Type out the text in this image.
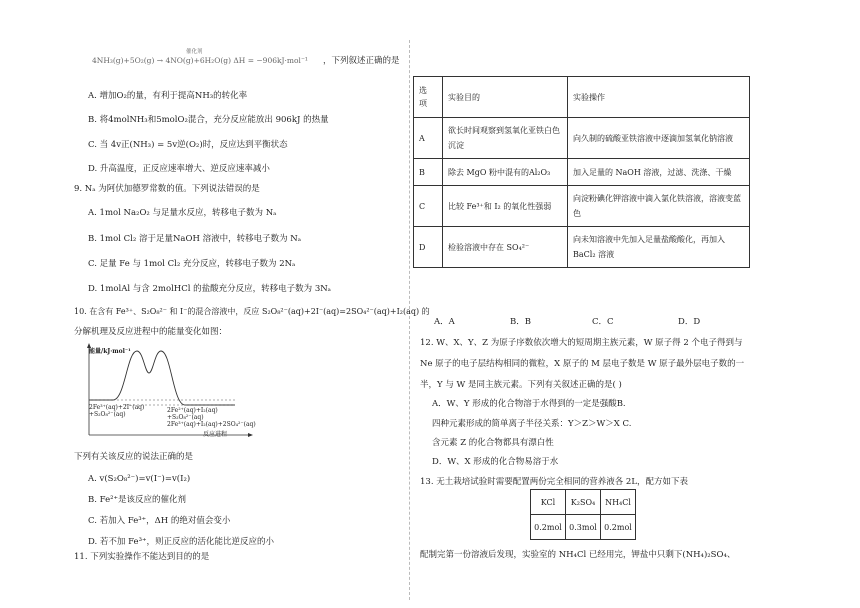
4NH₃(g)+5O₂(g) → 4NO(g)+6H₂O(g) ΔH = −906kJ·mol⁻¹
催化剂
，下列叙述正确的是
A. 增加O₂的量，有利于提高NH₃的转化率
B. 将4molNH₃和5molO₂混合，充分反应能放出 906kJ 的热量
C. 当 4v正(NH₃) = 5v逆(O₂)时，反应达到平衡状态
D. 升高温度，正反应速率增大、逆反应速率减小
9. Nₐ 为阿伏加德罗常数的值。下列说法错误的是
A. 1mol Na₂O₂ 与足量水反应，转移电子数为 Nₐ
B. 1mol Cl₂ 溶于足量NaOH 溶液中，转移电子数为 Nₐ
C. 足量 Fe 与 1mol Cl₂ 充分反应，转移电子数为 2Nₐ
D. 1molAl 与含 2molHCl 的盐酸充分反应，转移电子数为 3Nₐ
10. 在含有 Fe³⁺、S₂O₈²⁻ 和 I⁻的混合溶液中，反应 S₂O₈²⁻(aq)+2I⁻(aq)=2SO₄²⁻(aq)+I₂(aq) 的
分解机理及反应进程中的能量变化如图：
能量/kJ·mol⁻¹
2Fe³⁺(aq)+2I⁻(aq)
+S₂O₈²⁻(aq)
2Fe²⁺(aq)+I₂(aq)
+S₂O₈²⁻(aq)
2Fe³⁺(aq)+I₂(aq)+2SO₄²⁻(aq)
反应进程
下列有关该反应的说法正确的是
A. v(S₂O₈²⁻)=v(I⁻)=v(I₂)
B. Fe²⁺是该反应的催化剂
C. 若加入 Fe³⁺，ΔH 的绝对值会变小
D. 若不加 Fe³⁺，则正反应的活化能比逆反应的小
11. 下列实验操作不能达到目的的是
选
项	实验目的	实验操作
A	欲长时间观察到氢氧化亚铁白色沉淀	向久制的硫酸亚铁溶液中逐滴加氢氧化钠溶液
B	除去 MgO 粉中混有的Al₂O₃	加入足量的 NaOH 溶液，过滤、洗涤、干燥
C	比较 Fe³⁺和 I₂ 的氧化性强弱	向淀粉碘化钾溶液中滴入氯化铁溶液，溶液变蓝色
D	检验溶液中存在 SO₄²⁻	向未知溶液中先加入足量盐酸酸化，再加入 BaCl₂ 溶液
A．A	B．B	C．C	D．D
12. W、X、Y、Z 为原子序数依次增大的短周期主族元素，W 原子得 2 个电子得到与
Ne 原子的电子层结构相同的微粒，X 原子的 M 层电子数是 W 原子最外层电子数的一
半，Y 与 W 是同主族元素。下列有关叙述正确的是( )
A．W、Y 形成的化合物溶于水得到的一定是强酸B.
四种元素形成的简单离子半径关系：Y＞Z＞W＞X C.
含元素 Z 的化合物都具有漂白性
D．W、X 形成的化合物易溶于水
13. 无土栽培试验时需要配置两份完全相同的营养液各 2L，配方如下表
KCl	K₂SO₄	NH₄Cl
0.2mol	0.3mol	0.2mol
配制完第一份溶液后发现，实验室的 NH₄Cl 已经用完，钾盐中只剩下(NH₄)₂SO₄、
